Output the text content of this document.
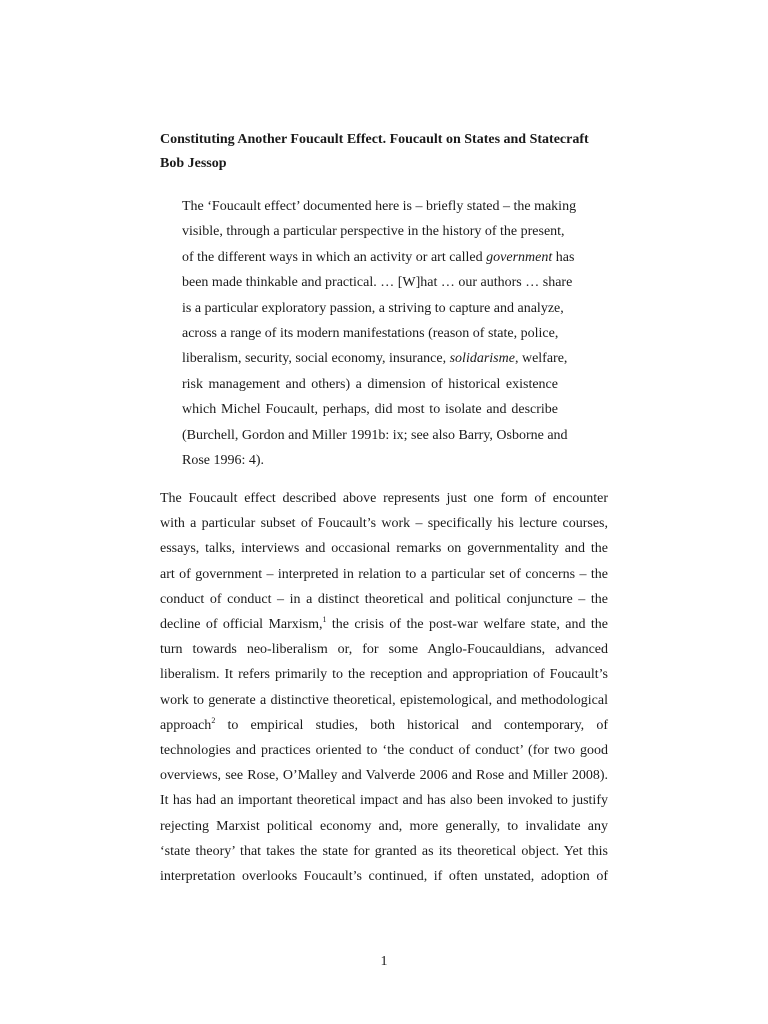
Constituting Another Foucault Effect. Foucault on States and Statecraft
Bob Jessop
The ‘Foucault effect’ documented here is – briefly stated – the making
visible, through a particular perspective in the history of the present,
of the different ways in which an activity or art called government has
been made thinkable and practical. … [W]hat … our authors … share
is a particular exploratory passion, a striving to capture and analyze,
across a range of its modern manifestations (reason of state, police,
liberalism, security, social economy, insurance, solidarisme, welfare,
risk management and others) a dimension of historical existence
which Michel Foucault, perhaps, did most to isolate and describe
(Burchell, Gordon and Miller 1991b: ix; see also Barry, Osborne and
Rose 1996: 4).
The Foucault effect described above represents just one form of encounter
with a particular subset of Foucault’s work – specifically his lecture courses,
essays, talks, interviews and occasional remarks on governmentality and the
art of government – interpreted in relation to a particular set of concerns – the
conduct of conduct – in a distinct theoretical and political conjuncture – the
decline of official Marxism,$^1$ the crisis of the post-war welfare state, and the
turn towards neo-liberalism or, for some Anglo-Foucauldians, advanced
liberalism. It refers primarily to the reception and appropriation of Foucault’s
work to generate a distinctive theoretical, epistemological, and methodological
approach$^2$ to empirical studies, both historical and contemporary, of
technologies and practices oriented to ‘the conduct of conduct’ (for two good
overviews, see Rose, O’Malley and Valverde 2006 and Rose and Miller 2008).
It has had an important theoretical impact and has also been invoked to justify
rejecting Marxist political economy and, more generally, to invalidate any
‘state theory’ that takes the state for granted as its theoretical object. Yet this
interpretation overlooks Foucault’s continued, if often unstated, adoption of
1
